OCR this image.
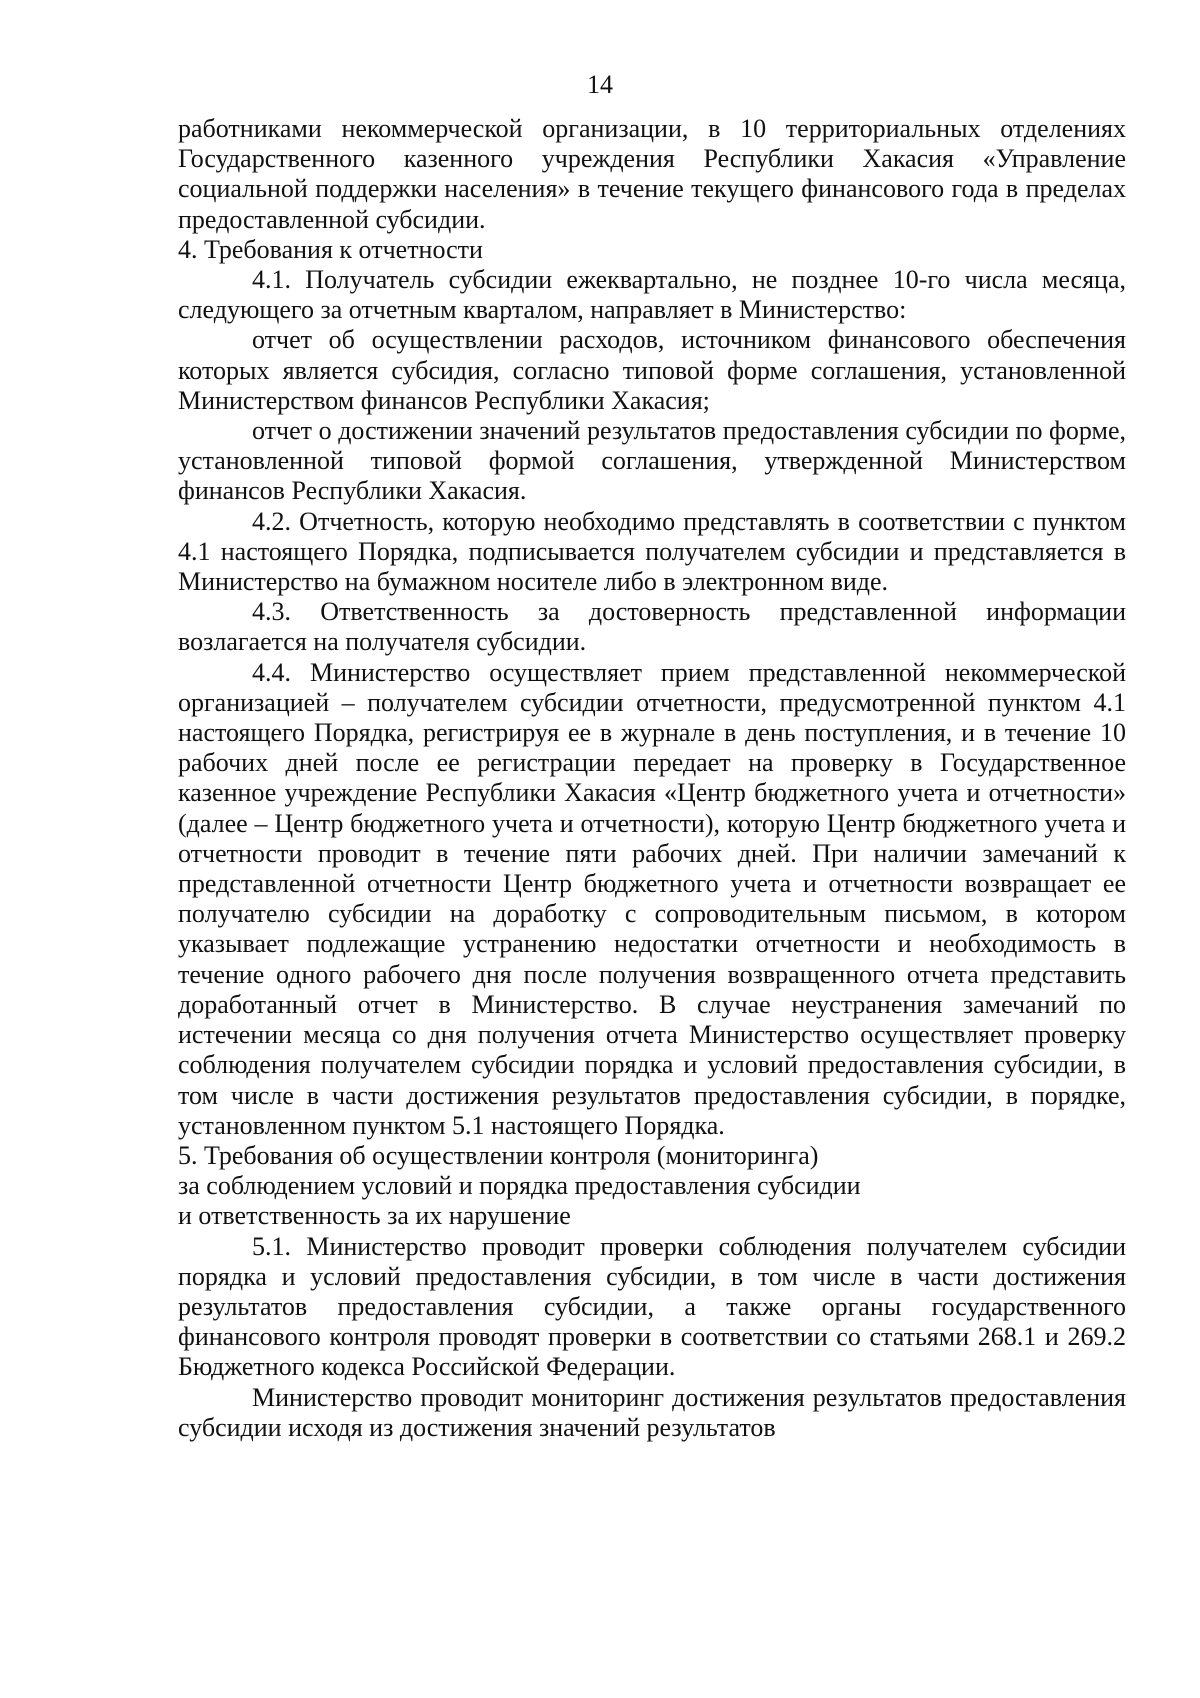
14

работниками некоммерческой организации, в 10 территориальных отделениях Государственного казенного учреждения Республики Хакасия «Управление социальной поддержки населения» в течение текущего финансового года в пределах предоставленной субсидии.

4. Требования к отчетности

4.1. Получатель субсидии ежеквартально, не позднее 10-го числа месяца, следующего за отчетным кварталом, направляет в Министерство:

отчет об осуществлении расходов, источником финансового обеспечения которых является субсидия, согласно типовой форме соглашения, установленной Министерством финансов Республики Хакасия;

отчет о достижении значений результатов предоставления субсидии по форме, установленной типовой формой соглашения, утвержденной Министерством финансов Республики Хакасия.

4.2. Отчетность, которую необходимо представлять в соответствии с пунктом 4.1 настоящего Порядка, подписывается получателем субсидии и представляется в Министерство на бумажном носителе либо в электронном виде.

4.3. Ответственность за достоверность представленной информации возлагается на получателя субсидии.

4.4. Министерство осуществляет прием представленной некоммерческой организацией – получателем субсидии отчетности, предусмотренной пунктом 4.1 настоящего Порядка, регистрируя ее в журнале в день поступления, и в течение 10 рабочих дней после ее регистрации передает на проверку в Государственное казенное учреждение Республики Хакасия «Центр бюджетного учета и отчетности» (далее – Центр бюджетного учета и отчетности), которую Центр бюджетного учета и отчетности проводит в течение пяти рабочих дней. При наличии замечаний к представленной отчетности Центр бюджетного учета и отчетности возвращает ее получателю субсидии на доработку с сопроводительным письмом, в котором указывает подлежащие устранению недостатки отчетности и необходимость в течение одного рабочего дня после получения возвращенного отчета представить доработанный отчет в Министерство. В случае неустранения замечаний по истечении месяца со дня получения отчета Министерство осуществляет проверку соблюдения получателем субсидии порядка и условий предоставления субсидии, в том числе в части достижения результатов предоставления субсидии, в порядке, установленном пунктом 5.1 настоящего Порядка.

5. Требования об осуществлении контроля (мониторинга)
за соблюдением условий и порядка предоставления субсидии
и ответственность за их нарушение

5.1. Министерство проводит проверки соблюдения получателем субсидии порядка и условий предоставления субсидии, в том числе в части достижения результатов предоставления субсидии, а также органы государственного финансового контроля проводят проверки в соответствии со статьями 268.1 и 269.2 Бюджетного кодекса Российской Федерации.

Министерство проводит мониторинг достижения результатов предоставления субсидии исходя из достижения значений результатов
